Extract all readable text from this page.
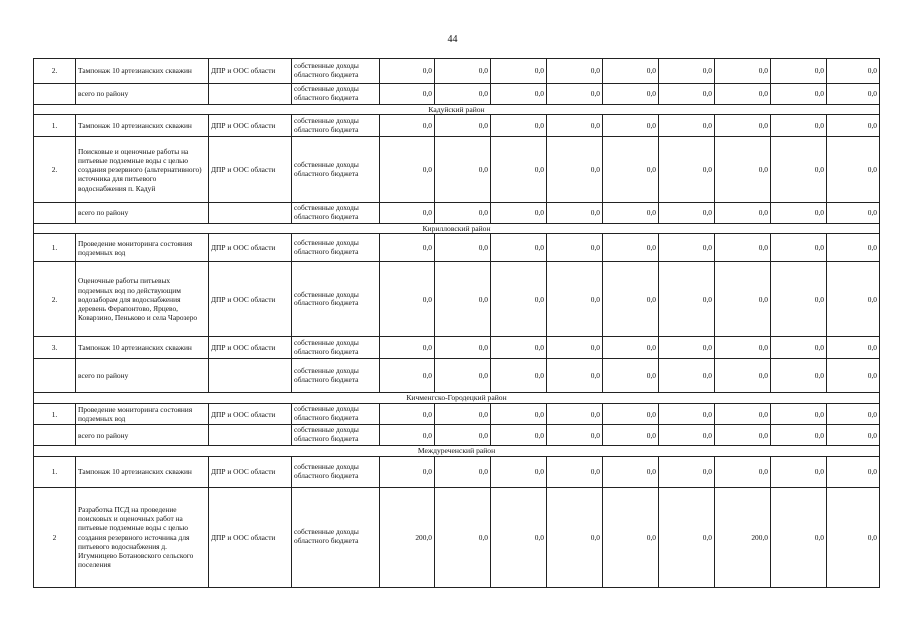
44
2.	Тампонаж 10 артезианских скважин	ДПР и ООС области	собственные доходы областного бюджета	0,0	0,0	0,0	0,0	0,0	0,0	0,0	0,0	0,0
	всего по району		собственные доходы областного бюджета	0,0	0,0	0,0	0,0	0,0	0,0	0,0	0,0	0,0
Кадуйский район												
1.	Тампонаж 10 артезианских скважин	ДПР и ООС области	собственные доходы областного бюджета	0,0	0,0	0,0	0,0	0,0	0,0	0,0	0,0	0,0
2.	Поисковые и оценочные работы на питьевые подземные воды с целью создания резервного (альтернативного) источника для питьевого водоснабжения п. Кадуй	ДПР и ООС области	собственные доходы областного бюджета	0,0	0,0	0,0	0,0	0,0	0,0	0,0	0,0	0,0
	всего по району		собственные доходы областного бюджета	0,0	0,0	0,0	0,0	0,0	0,0	0,0	0,0	0,0
Кирилловский район												
1.	Проведение мониторинга состояния подземных вод	ДПР и ООС области	собственные доходы областного бюджета	0,0	0,0	0,0	0,0	0,0	0,0	0,0	0,0	0,0
2.	Оценочные работы питьевых подземных вод по действующим водозаборам для водоснабжения деревень Ферапонтово, Ярцево, Коварзино, Пеньково и села Чарозеро	ДПР и ООС области	собственные доходы областного бюджета	0,0	0,0	0,0	0,0	0,0	0,0	0,0	0,0	0,0
3.	Тампонаж 10 артезианских скважин	ДПР и ООС области	собственные доходы областного бюджета	0,0	0,0	0,0	0,0	0,0	0,0	0,0	0,0	0,0
	всего по району		собственные доходы областного бюджета	0,0	0,0	0,0	0,0	0,0	0,0	0,0	0,0	0,0
Кичменгско-Городецкий район												
1.	Проведение мониторинга состояния подземных вод	ДПР и ООС области	собственные доходы областного бюджета	0,0	0,0	0,0	0,0	0,0	0,0	0,0	0,0	0,0
	всего по району		собственные доходы областного бюджета	0,0	0,0	0,0	0,0	0,0	0,0	0,0	0,0	0,0
Междуреченский район												
1.	Тампонаж 10 артезианских скважин	ДПР и ООС области	собственные доходы областного бюджета	0,0	0,0	0,0	0,0	0,0	0,0	0,0	0,0	0,0
2	Разработка ПСД на проведение поисковых и оценочных работ на питьевые подземные воды с целью создания резервного источника для питьевого водоснабжения д. Игумницево Ботановского сельского поселения	ДПР и ООС области	собственные доходы областного бюджета	200,0	0,0	0,0	0,0	0,0	0,0	200,0	0,0	0,0
